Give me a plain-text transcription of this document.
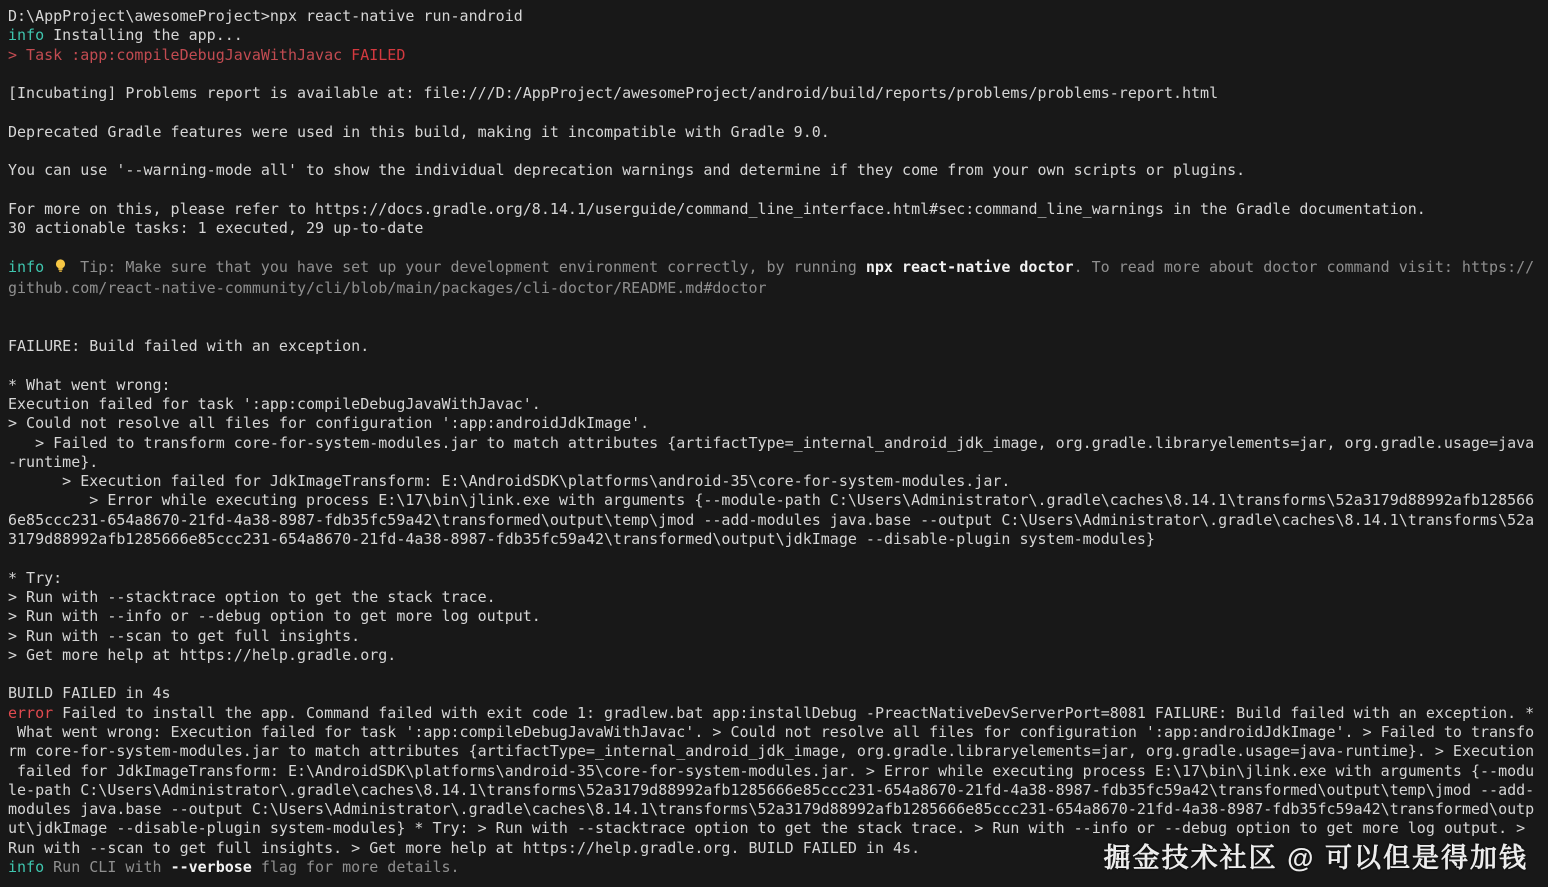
D:\AppProject\awesomeProject>npx react-native run-android
info Installing the app...
> Task :app:compileDebugJavaWithJavac FAILED

[Incubating] Problems report is available at: file:///D:/AppProject/awesomeProject/android/build/reports/problems/problems-report.html

Deprecated Gradle features were used in this build, making it incompatible with Gradle 9.0.

You can use '--warning-mode all' to show the individual deprecation warnings and determine if they come from your own scripts or plugins.

For more on this, please refer to https://docs.gradle.org/8.14.1/userguide/command_line_interface.html#sec:command_line_warnings in the Gradle documentation.
30 actionable tasks: 1 executed, 29 up-to-date

info  Tip: Make sure that you have set up your development environment correctly, by running npx react-native doctor. To read more about doctor command visit: https://
github.com/react-native-community/cli/blob/main/packages/cli-doctor/README.md#doctor

FAILURE: Build failed with an exception.

* What went wrong:
Execution failed for task ':app:compileDebugJavaWithJavac'.
> Could not resolve all files for configuration ':app:androidJdkImage'.
> Failed to transform core-for-system-modules.jar to match attributes {artifactType=_internal_android_jdk_image, org.gradle.libraryelements=jar, org.gradle.usage=java
-runtime}.
> Execution failed for JdkImageTransform: E:\AndroidSDK\platforms\android-35\core-for-system-modules.jar.
> Error while executing process E:\17\bin\jlink.exe with arguments {--module-path C:\Users\Administrator\.gradle\caches\8.14.1\transforms\52a3179d88992afb128566
6e85ccc231-654a8670-21fd-4a38-8987-fdb35fc59a42\transformed\output\temp\jmod --add-modules java.base --output C:\Users\Administrator\.gradle\caches\8.14.1\transforms\52a
3179d88992afb1285666e85ccc231-654a8670-21fd-4a38-8987-fdb35fc59a42\transformed\output\jdkImage --disable-plugin system-modules}

* Try:
> Run with --stacktrace option to get the stack trace.
> Run with --info or --debug option to get more log output.
> Run with --scan to get full insights.
> Get more help at https://help.gradle.org.

BUILD FAILED in 4s
error Failed to install the app. Command failed with exit code 1: gradlew.bat app:installDebug -PreactNativeDevServerPort=8081 FAILURE: Build failed with an exception. *
What went wrong: Execution failed for task ':app:compileDebugJavaWithJavac'. > Could not resolve all files for configuration ':app:androidJdkImage'. > Failed to transfo
rm core-for-system-modules.jar to match attributes {artifactType=_internal_android_jdk_image, org.gradle.libraryelements=jar, org.gradle.usage=java-runtime}. > Execution
failed for JdkImageTransform: E:\AndroidSDK\platforms\android-35\core-for-system-modules.jar. > Error while executing process E:\17\bin\jlink.exe with arguments {--modu
le-path C:\Users\Administrator\.gradle\caches\8.14.1\transforms\52a3179d88992afb1285666e85ccc231-654a8670-21fd-4a38-8987-fdb35fc59a42\transformed\output\temp\jmod --add-
modules java.base --output C:\Users\Administrator\.gradle\caches\8.14.1\transforms\52a3179d88992afb1285666e85ccc231-654a8670-21fd-4a38-8987-fdb35fc59a42\transformed\outp
ut\jdkImage --disable-plugin system-modules} * Try: > Run with --stacktrace option to get the stack trace. > Run with --info or --debug option to get more log output. >
Run with --scan to get full insights. > Get more help at https://help.gradle.org. BUILD FAILED in 4s.
info Run CLI with --verbose flag for more details.	掘金技术社区 @ 可以但是得加钱
